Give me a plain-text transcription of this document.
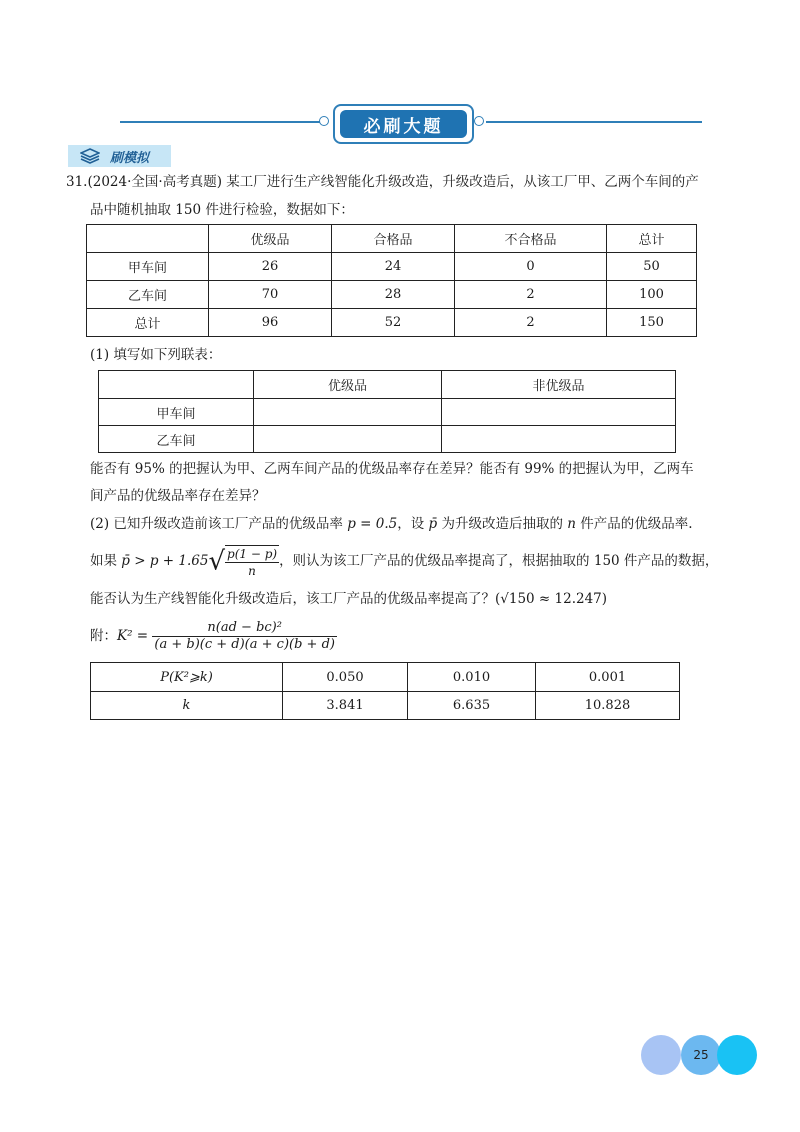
必刷大题
刷模拟
31.(2024·全国·高考真题) 某工厂进行生产线智能化升级改造，升级改造后，从该工厂甲、乙两个车间的产
品中随机抽取 150 件进行检验，数据如下：
	优级品	合格品	不合格品	总计
甲车间	26	24	0	50
乙车间	70	28	2	100
总计	96	52	2	150
(1) 填写如下列联表：
	优级品	非优级品
甲车间		
乙车间		
能否有 95% 的把握认为甲、乙两车间产品的优级品率存在差异？能否有 99% 的把握认为甲，乙两车
间产品的优级品率存在差异？
(2) 已知升级改造前该工厂产品的优级品率 p = 0.5，设 p̄ 为升级改造后抽取的 n 件产品的优级品率.
如果 p̄ > $p + 1.65√ \frac{p(1 - p)}{n}$ ，则认为该工厂产品的优级品率提高了，根据抽取的 150 件产品的数据，
能否认为生产线智能化升级改造后，该工厂产品的优级品率提高了？(√150 ≈ 12.247)
附：$K^2 = \frac{\text{n(ad − bc)²}}{(a + b)(c + d)(a + c)(b + d)}$
P(K²⩾k)	0.050	0.010	0.001
k	3.841	6.635	10.828
25
